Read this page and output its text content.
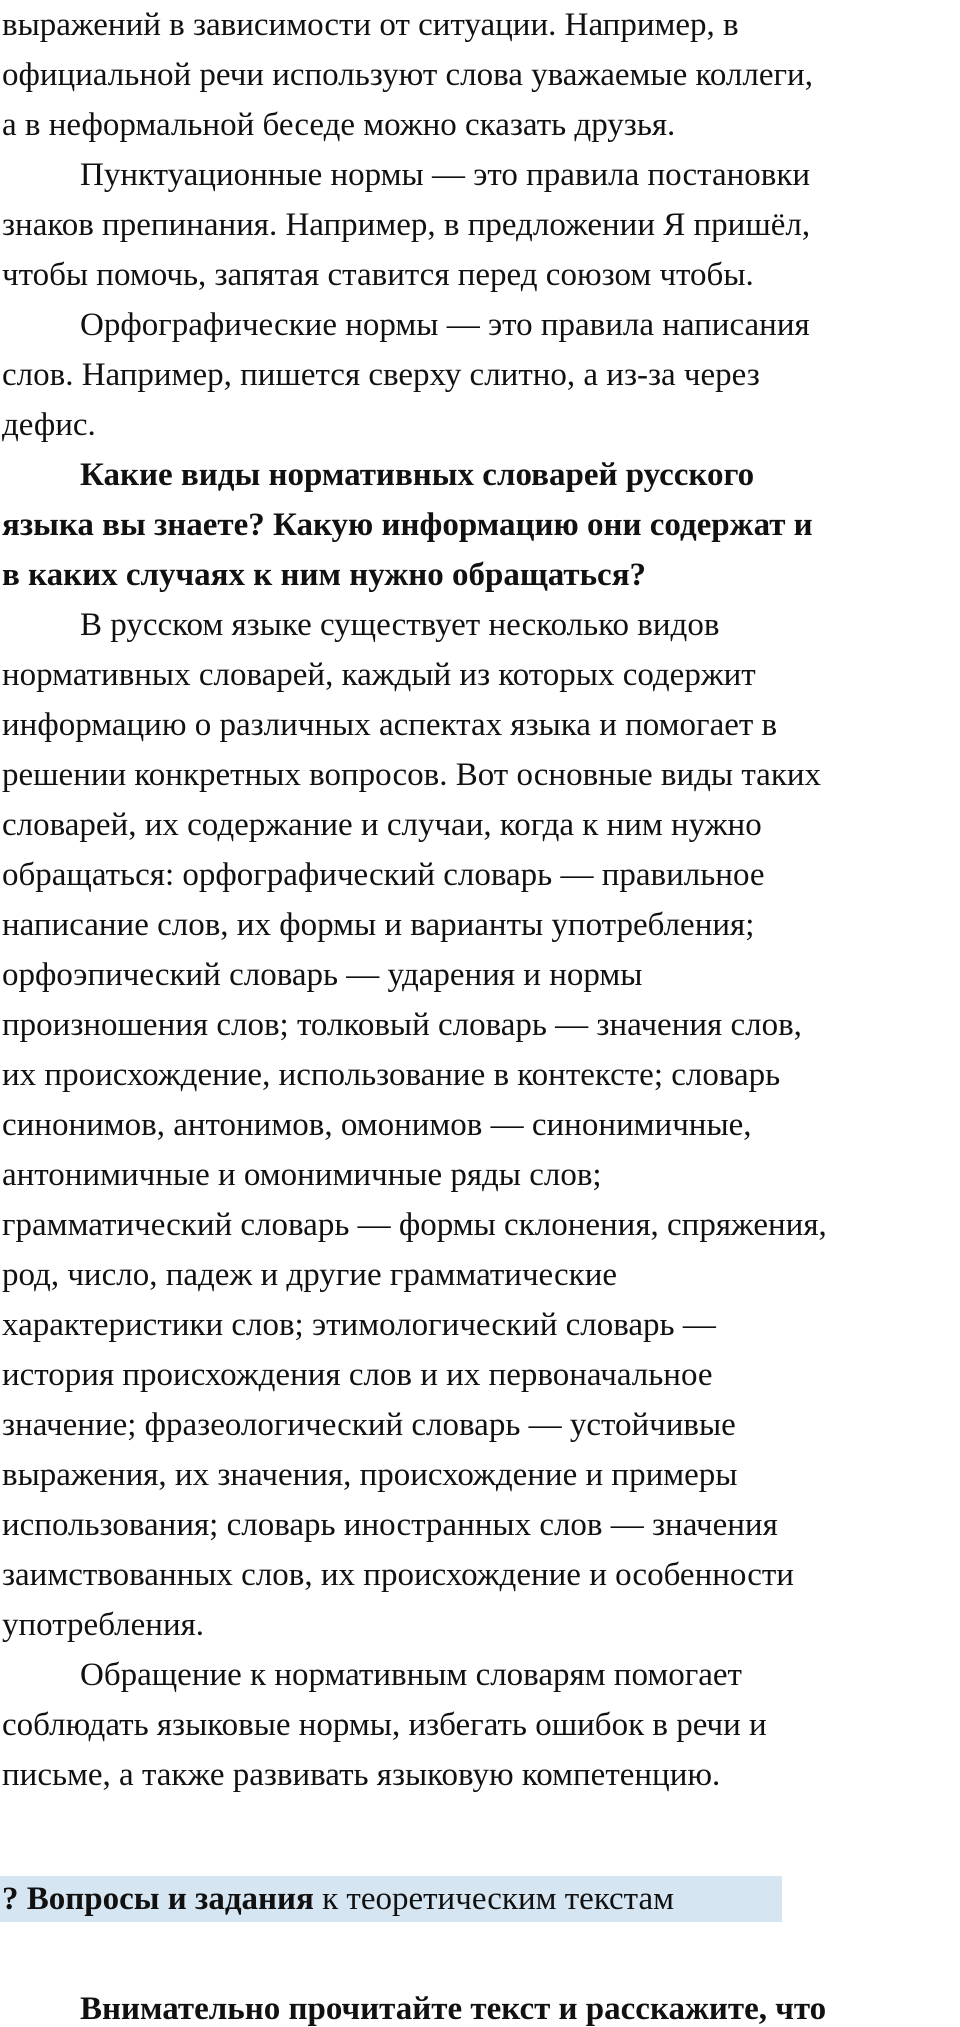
выражений в зависимости от ситуации. Например, в
официальной речи используют слова уважаемые коллеги,
а в неформальной беседе можно сказать друзья.
Пунктуационные нормы — это правила постановки
знаков препинания. Например, в предложении Я пришёл,
чтобы помочь, запятая ставится перед союзом чтобы.
Орфографические нормы — это правила написания
слов. Например, пишется сверху слитно, а из-за через
дефис.
Какие виды нормативных словарей русского
языка вы знаете? Какую информацию они содержат и
в каких случаях к ним нужно обращаться?
В русском языке существует несколько видов
нормативных словарей, каждый из которых содержит
информацию о различных аспектах языка и помогает в
решении конкретных вопросов. Вот основные виды таких
словарей, их содержание и случаи, когда к ним нужно
обращаться: орфографический словарь — правильное
написание слов, их формы и варианты употребления;
орфоэпический словарь — ударения и нормы
произношения слов; толковый словарь — значения слов,
их происхождение, использование в контексте; словарь
синонимов, антонимов, омонимов — синонимичные,
антонимичные и омонимичные ряды слов;
грамматический словарь — формы склонения, спряжения,
род, число, падеж и другие грамматические
характеристики слов; этимологический словарь —
история происхождения слов и их первоначальное
значение; фразеологический словарь — устойчивые
выражения, их значения, происхождение и примеры
использования; словарь иностранных слов — значения
заимствованных слов, их происхождение и особенности
употребления.
Обращение к нормативным словарям помогает
соблюдать языковые нормы, избегать ошибок в речи и
письме, а также развивать языковую компетенцию.
? Вопросы и задания к теоретическим текстам
Внимательно прочитайте текст и расскажите, что
